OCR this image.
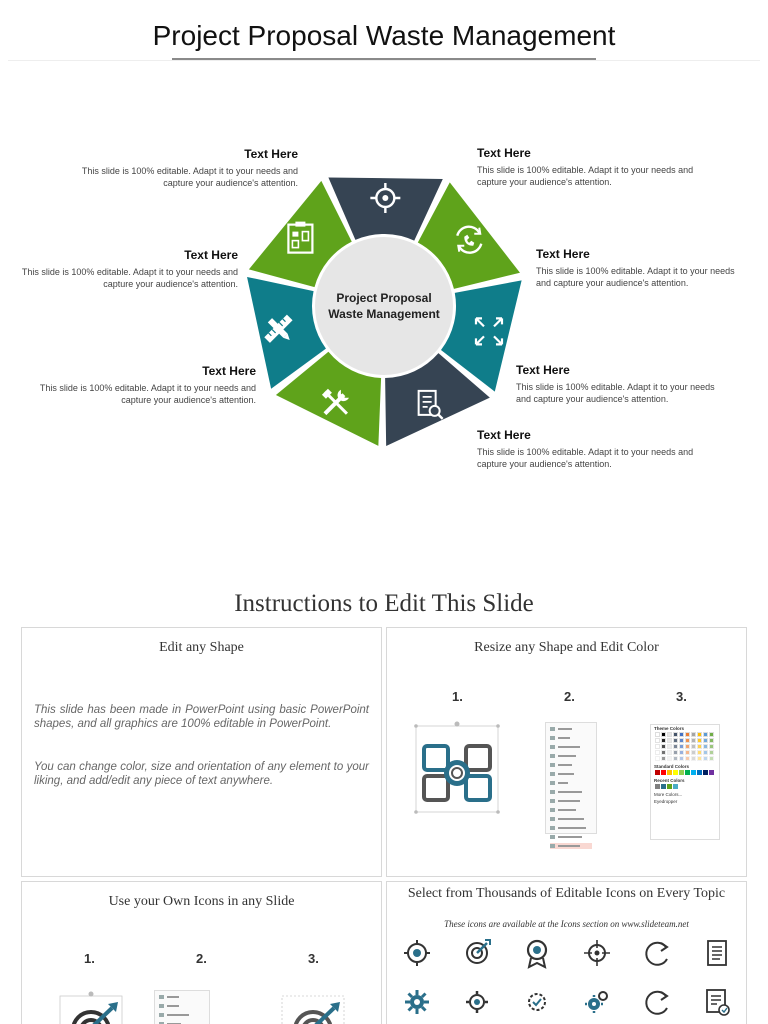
Project Proposal Waste Management
Project Proposal
Waste Management
Text Here
This slide is 100% editable. Adapt it to your needs and capture your audience's attention.
Text Here
This slide is 100% editable. Adapt it to your needs and capture your audience's attention.
Text Here
This slide is 100% editable. Adapt it to your needs and capture your audience's attention.
Text Here
This slide is 100% editable. Adapt it to your needs and capture your audience's attention.
Text Here
This slide is 100% editable. Adapt it to your needs and capture your audience's attention.
Text Here
This slide is 100% editable. Adapt it to your needs and capture your audience's attention.
Text Here
This slide is 100% editable. Adapt it to your needs and capture your audience's attention.
Instructions to Edit This Slide
Edit any Shape
This slide has been made in PowerPoint using basic PowerPoint shapes, and all graphics are 100% editable in PowerPoint.
You can change color, size and orientation of any element to your liking, and add/edit any piece of text anywhere.
Resize any Shape and Edit Color
1.	2.	3.
Theme Colors
Standard Colors
Recent Colors
More Colors...
Eyedropper
Use your Own Icons in any Slide
1.	2.	3.
Select from Thousands of Editable Icons on Every Topic
These icons are available at the Icons section on www.slideteam.net
